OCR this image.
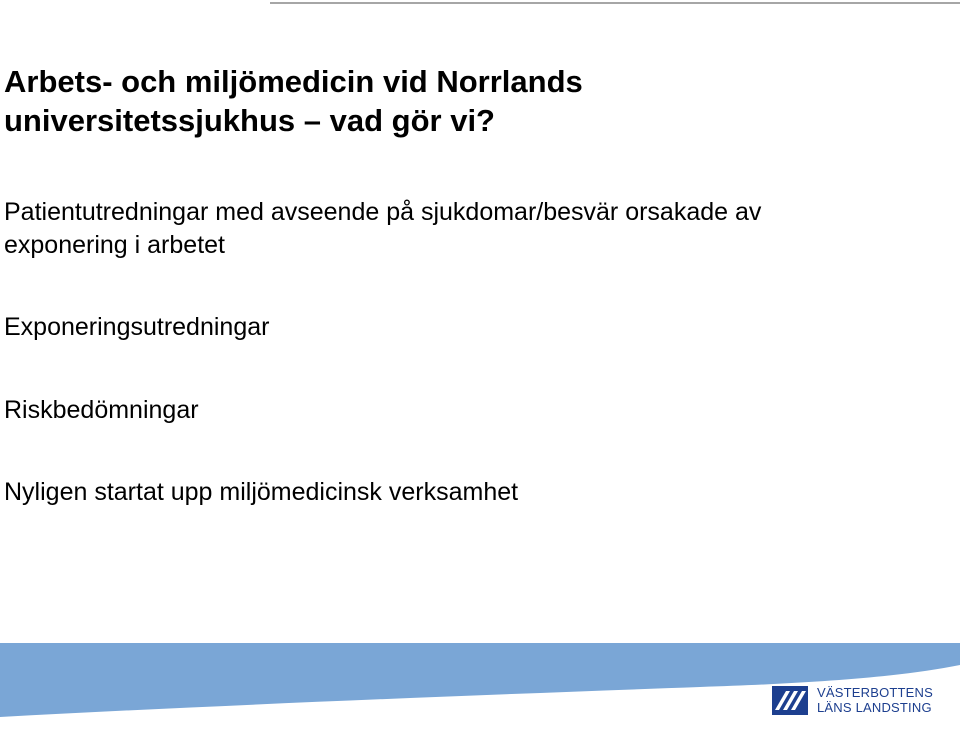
Arbets- och miljömedicin vid Norrlands
universitetssjukhus – vad gör vi?

Patientutredningar med avseende på sjukdomar/besvär orsakade av
exponering i arbetet

Exponeringsutredningar

Riskbedömningar

Nyligen startat upp miljömedicinsk verksamhet

VÄSTERBOTTENS
LÄNS LANDSTING
